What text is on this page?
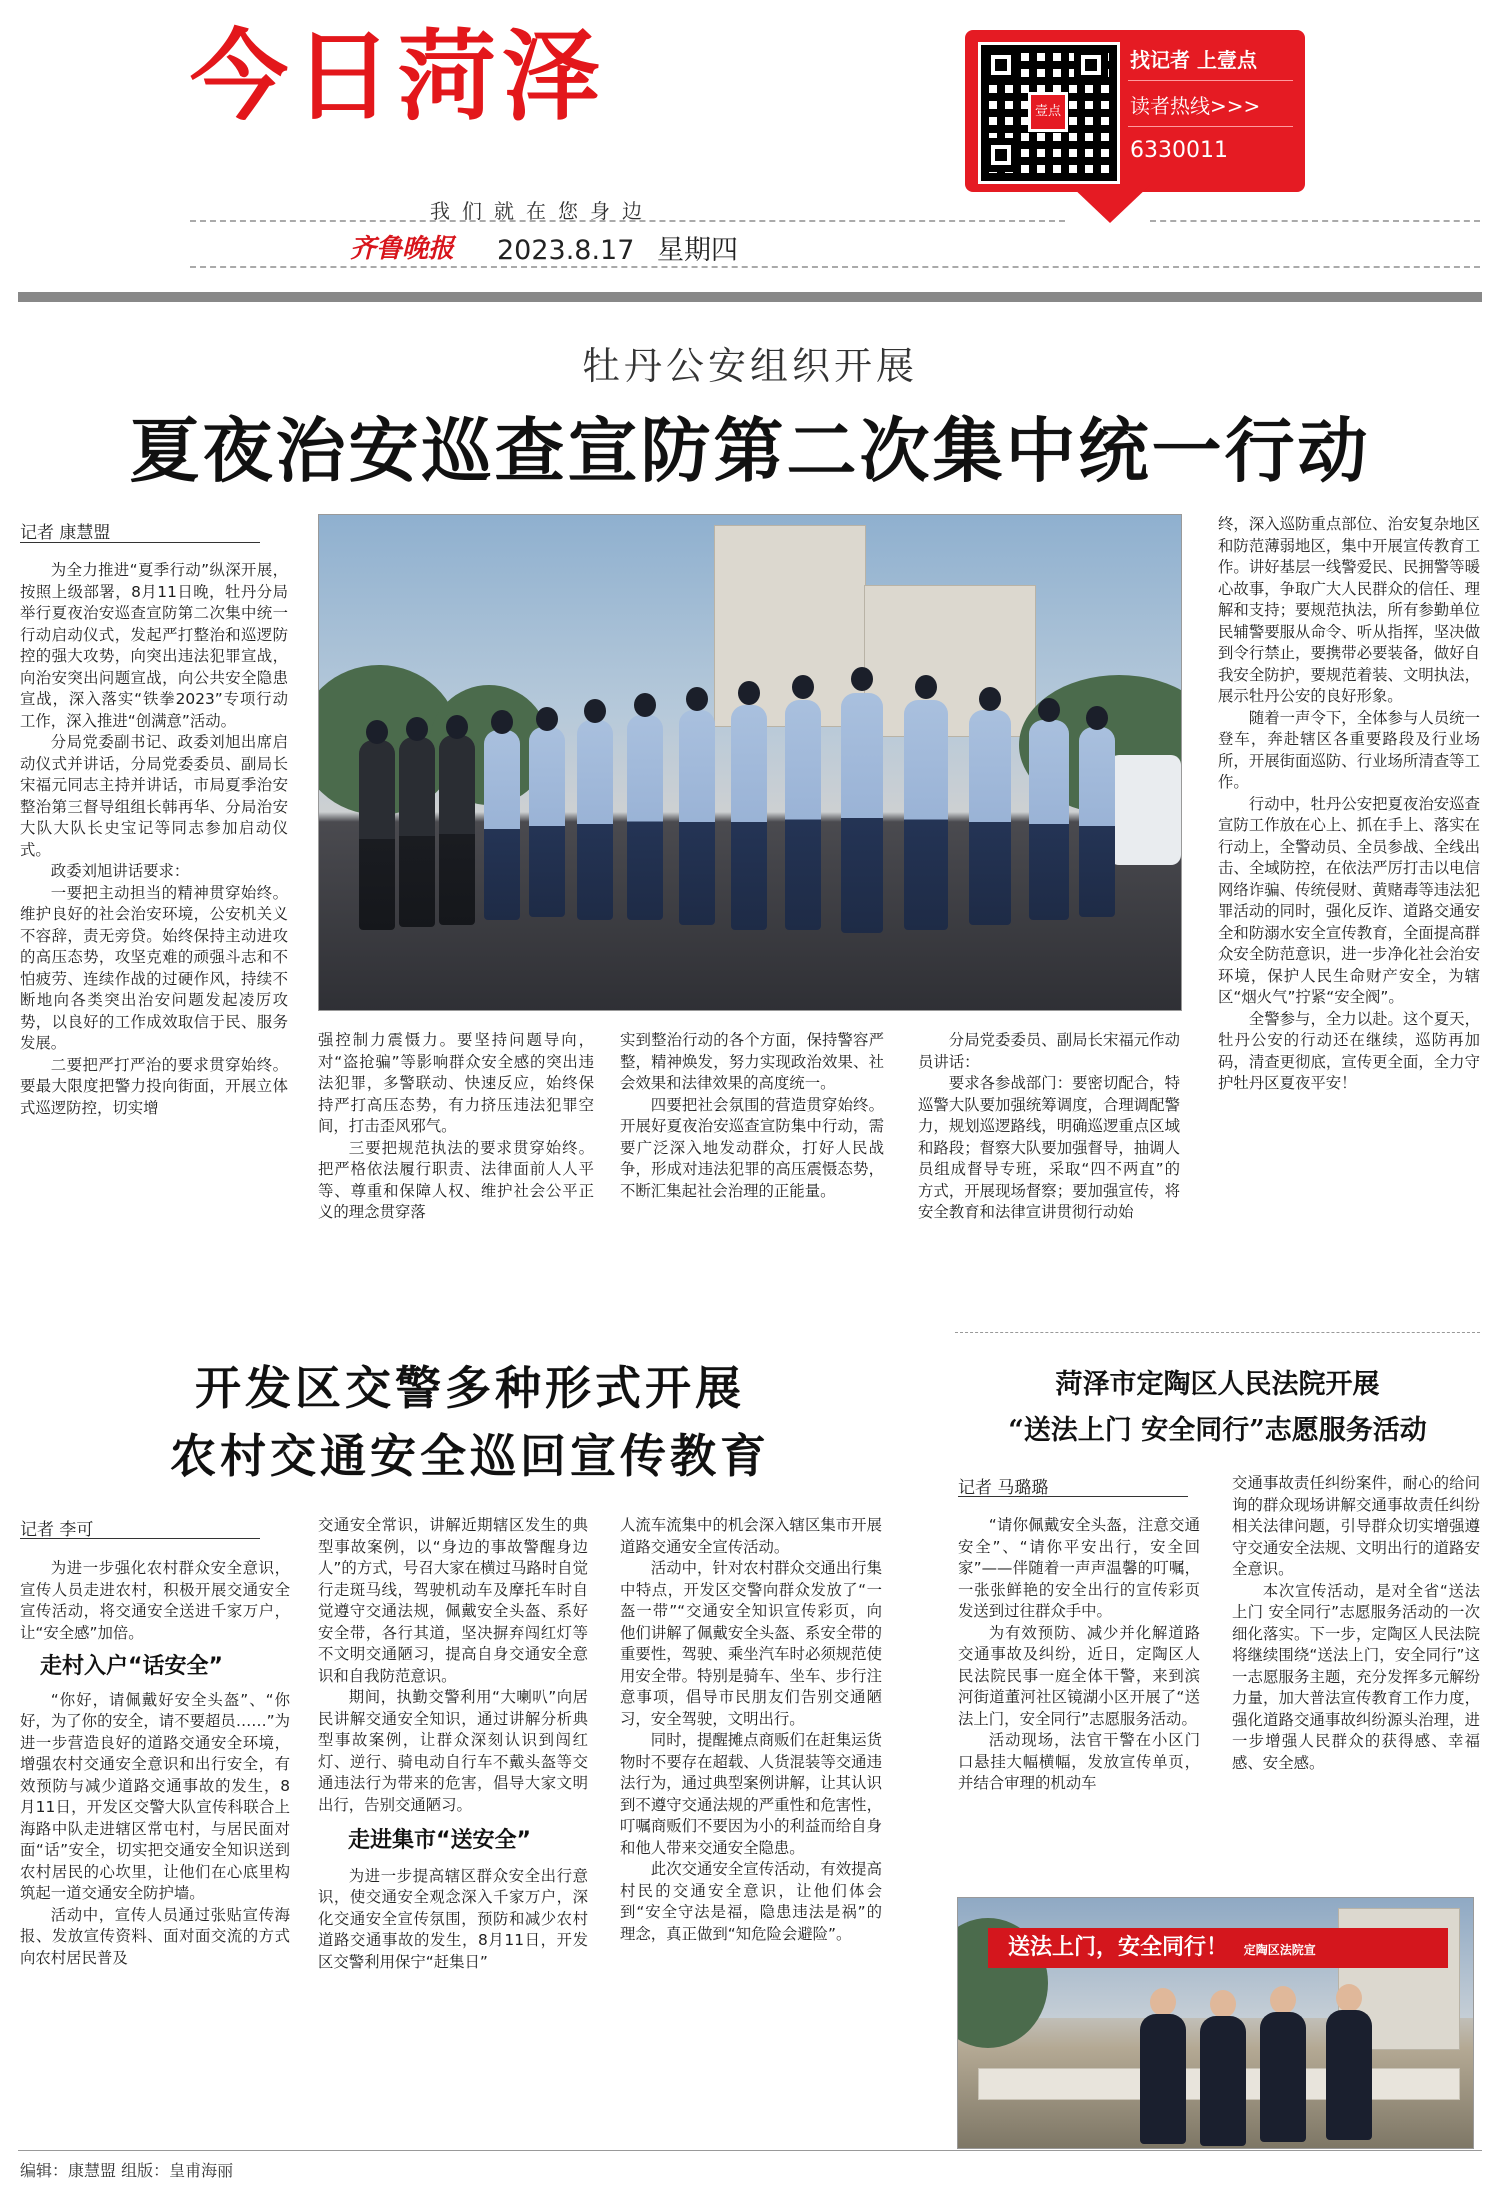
今日菏泽	壹点
找记者 上壹点
读者热线>>>
6330011
我们就在您身边
齐鲁晚报 2023.8.17 星期四
牡丹公安组织开展
夏夜治安巡查宣防第二次集中统一行动
记者 康慧盟

为全力推进“夏季行动”纵深开展，按照上级部署，8月11日晚，牡丹分局举行夏夜治安巡查宣防第二次集中统一行动启动仪式，发起严打整治和巡逻防控的强大攻势，向突出违法犯罪宣战，向治安突出问题宣战，向公共安全隐患宣战，深入落实“铁拳2023”专项行动工作，深入推进“创满意”活动。

分局党委副书记、政委刘旭出席启动仪式并讲话，分局党委委员、副局长宋福元同志主持并讲话，市局夏季治安整治第三督导组组长韩再华、分局治安大队大队长史宝记等同志参加启动仪式。

政委刘旭讲话要求：

一要把主动担当的精神贯穿始终。维护良好的社会治安环境，公安机关义不容辞，责无旁贷。始终保持主动进攻的高压态势，攻坚克难的顽强斗志和不怕疲劳、连续作战的过硬作风，持续不断地向各类突出治安问题发起凌厉攻势，以良好的工作成效取信于民、服务发展。

二要把严打严治的要求贯穿始终。要最大限度把警力投向街面，开展立体式巡逻防控，切实增

强控制力震慑力。要坚持问题导向，对“盗抢骗”等影响群众安全感的突出违法犯罪，多警联动、快速反应，始终保持严打高压态势，有力挤压违法犯罪空间，打击歪风邪气。

三要把规范执法的要求贯穿始终。把严格依法履行职责、法律面前人人平等、尊重和保障人权、维护社会公平正义的理念贯穿落

实到整治行动的各个方面，保持警容严整，精神焕发，努力实现政治效果、社会效果和法律效果的高度统一。

四要把社会氛围的营造贯穿始终。开展好夏夜治安巡查宣防集中行动，需要广泛深入地发动群众，打好人民战争，形成对违法犯罪的高压震慑态势，不断汇集起社会治理的正能量。

分局党委委员、副局长宋福元作动员讲话：

要求各参战部门：要密切配合，特巡警大队要加强统筹调度，合理调配警力，规划巡逻路线，明确巡逻重点区域和路段；督察大队要加强督导，抽调人员组成督导专班，采取“四不两直”的方式，开展现场督察；要加强宣传，将安全教育和法律宣讲贯彻行动始

终，深入巡防重点部位、治安复杂地区和防范薄弱地区，集中开展宣传教育工作。讲好基层一线警爱民、民拥警等暖心故事，争取广大人民群众的信任、理解和支持；要规范执法，所有参勤单位民辅警要服从命令、听从指挥，坚决做到令行禁止，要携带必要装备，做好自我安全防护，要规范着装、文明执法，展示牡丹公安的良好形象。

随着一声令下，全体参与人员统一登车，奔赴辖区各重要路段及行业场所，开展街面巡防、行业场所清查等工作。

行动中，牡丹公安把夏夜治安巡查宣防工作放在心上、抓在手上、落实在行动上，全警动员、全员参战、全线出击、全域防控，在依法严厉打击以电信网络诈骗、传统侵财、黄赌毒等违法犯罪活动的同时，强化反诈、道路交通安全和防溺水安全宣传教育，全面提高群众安全防范意识，进一步净化社会治安环境，保护人民生命财产安全，为辖区“烟火气”拧紧“安全阀”。

全警参与，全力以赴。这个夏天，牡丹公安的行动还在继续，巡防再加码，清查更彻底，宣传更全面，全力守护牡丹区夏夜平安！

开发区交警多种形式开展
农村交通安全巡回宣传教育
记者 李可

为进一步强化农村群众安全意识，宣传人员走进农村，积极开展交通安全宣传活动，将交通安全送进千家万户，让“安全感”加倍。

走村入户“话安全”

“你好，请佩戴好安全头盔”、“你好，为了你的安全，请不要超员……”为进一步营造良好的道路交通安全环境，增强农村交通安全意识和出行安全，有效预防与减少道路交通事故的发生，8月11日，开发区交警大队宣传科联合上海路中队走进辖区常屯村，与居民面对面“话”安全，切实把交通安全知识送到农村居民的心坎里，让他们在心底里构筑起一道交通安全防护墙。

活动中，宣传人员通过张贴宣传海报、发放宣传资料、面对面交流的方式向农村居民普及

交通安全常识，讲解近期辖区发生的典型事故案例，以“身边的事故警醒身边人”的方式，号召大家在横过马路时自觉行走斑马线，驾驶机动车及摩托车时自觉遵守交通法规，佩戴安全头盔、系好安全带，各行其道，坚决摒弃闯红灯等不文明交通陋习，提高自身交通安全意识和自我防范意识。

期间，执勤交警利用“大喇叭”向居民讲解交通安全知识，通过讲解分析典型事故案例，让群众深刻认识到闯红灯、逆行、骑电动自行车不戴头盔等交通违法行为带来的危害，倡导大家文明出行，告别交通陋习。

走进集市“送安全”

为进一步提高辖区群众安全出行意识，使交通安全观念深入千家万户，深化交通安全宣传氛围，预防和减少农村道路交通事故的发生，8月11日，开发区交警利用保宁“赶集日”

人流车流集中的机会深入辖区集市开展道路交通安全宣传活动。

活动中，针对农村群众交通出行集中特点，开发区交警向群众发放了“一盔一带”“交通安全知识宣传彩页，向他们讲解了佩戴安全头盔、系安全带的重要性，驾驶、乘坐汽车时必须规范使用安全带。特别是骑车、坐车、步行注意事项，倡导市民朋友们告别交通陋习，安全驾驶，文明出行。

同时，提醒摊点商贩们在赶集运货物时不要存在超载、人货混装等交通违法行为，通过典型案例讲解，让其认识到不遵守交通法规的严重性和危害性，叮嘱商贩们不要因为小的利益而给自身和他人带来交通安全隐患。

此次交通安全宣传活动，有效提高村民的交通安全意识，让他们体会到“安全守法是福，隐患违法是祸”的理念，真正做到“知危险会避险”。

菏泽市定陶区人民法院开展
“送法上门 安全同行”志愿服务活动
记者 马璐璐

“请你佩戴安全头盔，注意交通安全”、“请你平安出行，安全回家”——伴随着一声声温馨的叮嘱，一张张鲜艳的安全出行的宣传彩页发送到过往群众手中。

为有效预防、减少并化解道路交通事故及纠纷，近日，定陶区人民法院民事一庭全体干警，来到滨河街道董河社区镜湖小区开展了“送法上门，安全同行”志愿服务活动。

活动现场，法官干警在小区门口悬挂大幅横幅，发放宣传单页，并结合审理的机动车

交通事故责任纠纷案件，耐心的给问询的群众现场讲解交通事故责任纠纷相关法律问题，引导群众切实增强遵守交通安全法规、文明出行的道路安全意识。

本次宣传活动，是对全省“送法上门 安全同行”志愿服务活动的一次细化落实。下一步，定陶区人民法院将继续围绕“送法上门，安全同行”这一志愿服务主题，充分发挥多元解纷力量，加大普法宣传教育工作力度，强化道路交通事故纠纷源头治理，进一步增强人民群众的获得感、幸福感、安全感。

送法上门，安全同行！ 定陶区法院宣
编辑：康慧盟 组版：皇甫海丽
